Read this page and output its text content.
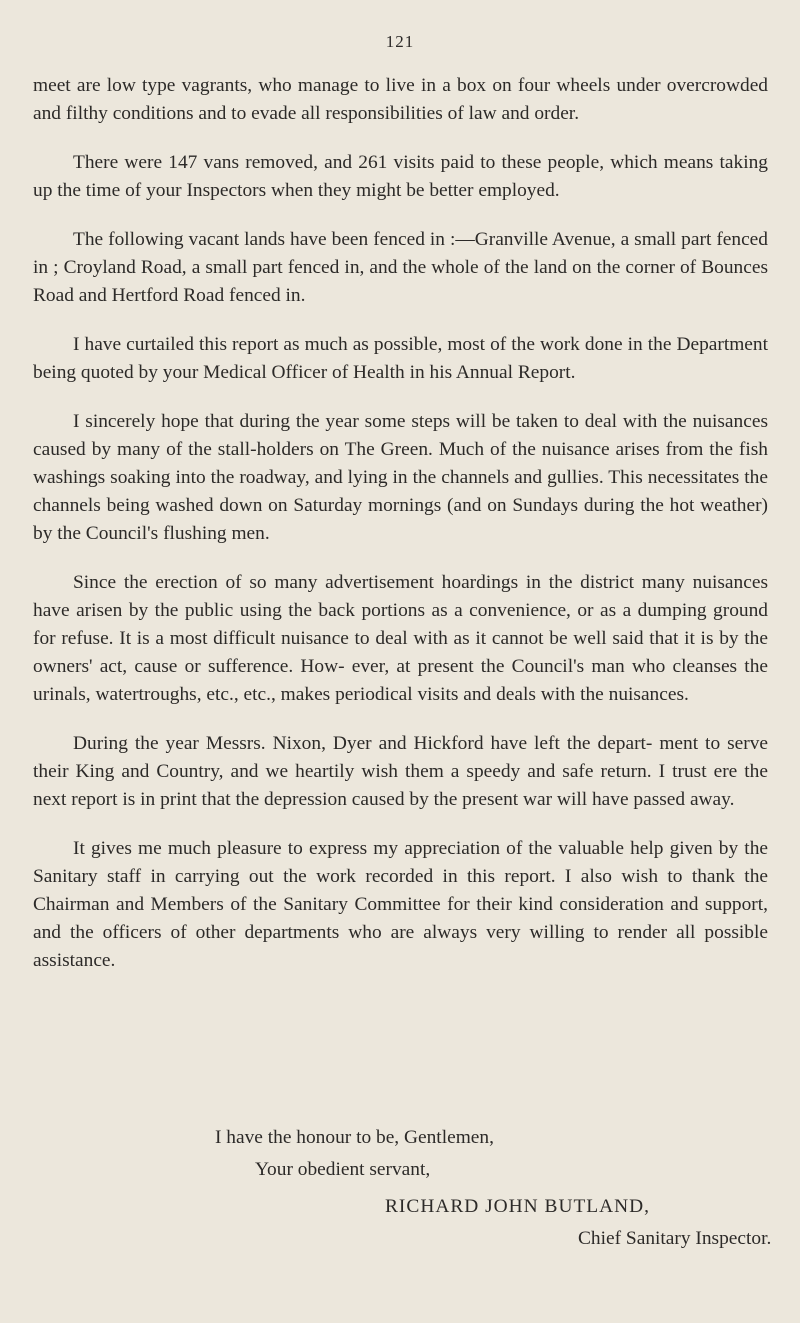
121

meet are low type vagrants, who manage to live in a box on four wheels under overcrowded and filthy conditions and to evade all responsibilities of law and order.

There were 147 vans removed, and 261 visits paid to these people, which means taking up the time of your Inspectors when they might be better employed.

The following vacant lands have been fenced in :—Granville Avenue, a small part fenced in ; Croyland Road, a small part fenced in, and the whole of the land on the corner of Bounces Road and Hertford Road fenced in.

I have curtailed this report as much as possible, most of the work done in the Department being quoted by your Medical Officer of Health in his Annual Report.

I sincerely hope that during the year some steps will be taken to deal with the nuisances caused by many of the stall-holders on The Green. Much of the nuisance arises from the fish washings soaking into the roadway, and lying in the channels and gullies. This necessitates the channels being washed down on Saturday mornings (and on Sundays during the hot weather) by the Council's flushing men.

Since the erection of so many advertisement hoardings in the district many nuisances have arisen by the public using the back portions as a convenience, or as a dumping ground for refuse. It is a most difficult nuisance to deal with as it cannot be well said that it is by the owners' act, cause or sufference. How- ever, at present the Council's man who cleanses the urinals, watertroughs, etc., etc., makes periodical visits and deals with the nuisances.

During the year Messrs. Nixon, Dyer and Hickford have left the depart- ment to serve their King and Country, and we heartily wish them a speedy and safe return. I trust ere the next report is in print that the depression caused by the present war will have passed away.

It gives me much pleasure to express my appreciation of the valuable help given by the Sanitary staff in carrying out the work recorded in this report. I also wish to thank the Chairman and Members of the Sanitary Committee for their kind consideration and support, and the officers of other departments who are always very willing to render all possible assistance.

I have the honour to be, Gentlemen,
Your obedient servant,
RICHARD JOHN BUTLAND,
Chief Sanitary Inspector.
